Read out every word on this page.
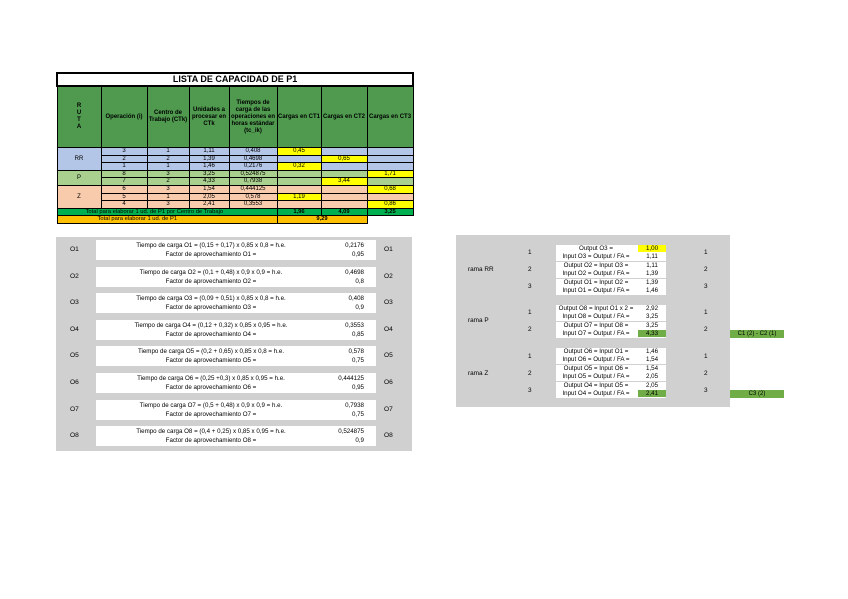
LISTA DE CAPACIDAD DE P1							
R
U
T
A	Operación (i)	Centro de Trabajo (CTk)	Unidades a procesar en CTk	Tiempos de carga de las operaciones en horas estándar (tc_ik)	Cargas en CT1	Cargas en CT2	Cargas en CT3
RR	3	1	1,11	0,408	0,45		
	2	2	1,39	0,4698		0,65	
	1	1	1,46	0,2176	0,32		
P	8	3	3,25	0,524875			1,71
	7	2	4,33	0,7938		3,44	
Z	6	3	1,54	0,444125			0,68
	5	1	2,05	0,578	1,19		
	4	3	2,41	0,3553			0,86
Total para elaborar 1 ud. de P1 por Centro de Trabajo					1,96	4,09	3,25
Total para elaborar 1 ud. de P1					9,29		
O1
Tiempo de carga O1 = (0,15 + 0,17) x 0,85 x 0,8 = h.e.
Factor de aprovechamiento O1 =
0,2176
0,95
O1
O2
Tiempo de carga O2 = (0,1 + 0,48) x 0,9 x 0,9 = h.e.
Factor de aprovechamiento O2 =
0,4698
0,8
O2
O3
Tiempo de carga O3 = (0,09 + 0,51) x 0,85 x 0,8 = h.e.
Factor de aprovechamiento O3 =
0,408
0,9
O3
O4
Tiempo de carga O4 = (0,12 + 0,32) x 0,85 x 0,95 = h.e.
Factor de aprovechamiento O4 =
0,3553
0,85
O4
O5
Tiempo de carga O5 = (0,2 + 0,65) x 0,85 x 0,8 = h.e.
Factor de aprovechamiento O5 =
0,578
0,75
O5
O6
Tiempo de carga O6 = (0,25 +0,3) x 0,85 x 0,95 = h.e.
Factor de aprovechamiento O6 =
0,444125
0,95
O6
O7
Tiempo de carga O7 = (0,5 + 0,48) x 0,9 x 0,9 = h.e.
Factor de aprovechamiento O7 =
0,7938
0,75
O7
O8
Tiempo de carga O8 = (0,4 + 0,25) x 0,85 x 0,95 = h.e.
Factor de aprovechamiento O8 =
0,524875
0,9
O8
rama RR
1
2
3
1
2
3
Output O3 =	1,00
Input O3 = Output / FA =	1,11
Output O2 = Input O3 =	1,11
Input O2 = Output / FA =	1,39
Output O1 = Input O2 =	1,39
Input O1 = Output / FA =	1,46
rama P
1
2
1
2
Output O8 = Input O1 x 2 =	2,92
Input O8 = Output / FA =	3,25
Output O7 = Input O8 =	3,25
Input O7 = Output / FA =	4,33	C1 (2) - C2 (1)
rama Z
1
2
3
1
2
3
Output O6 = Input O1 =	1,46
Input O6 = Output / FA =	1,54
Output O5 = Input O6 =	1,54
Input O5 = Output / FA =	2,05
Output O4 = Input O5 =	2,05
Input O4 = Output / FA =	2,41	C3 (2)
